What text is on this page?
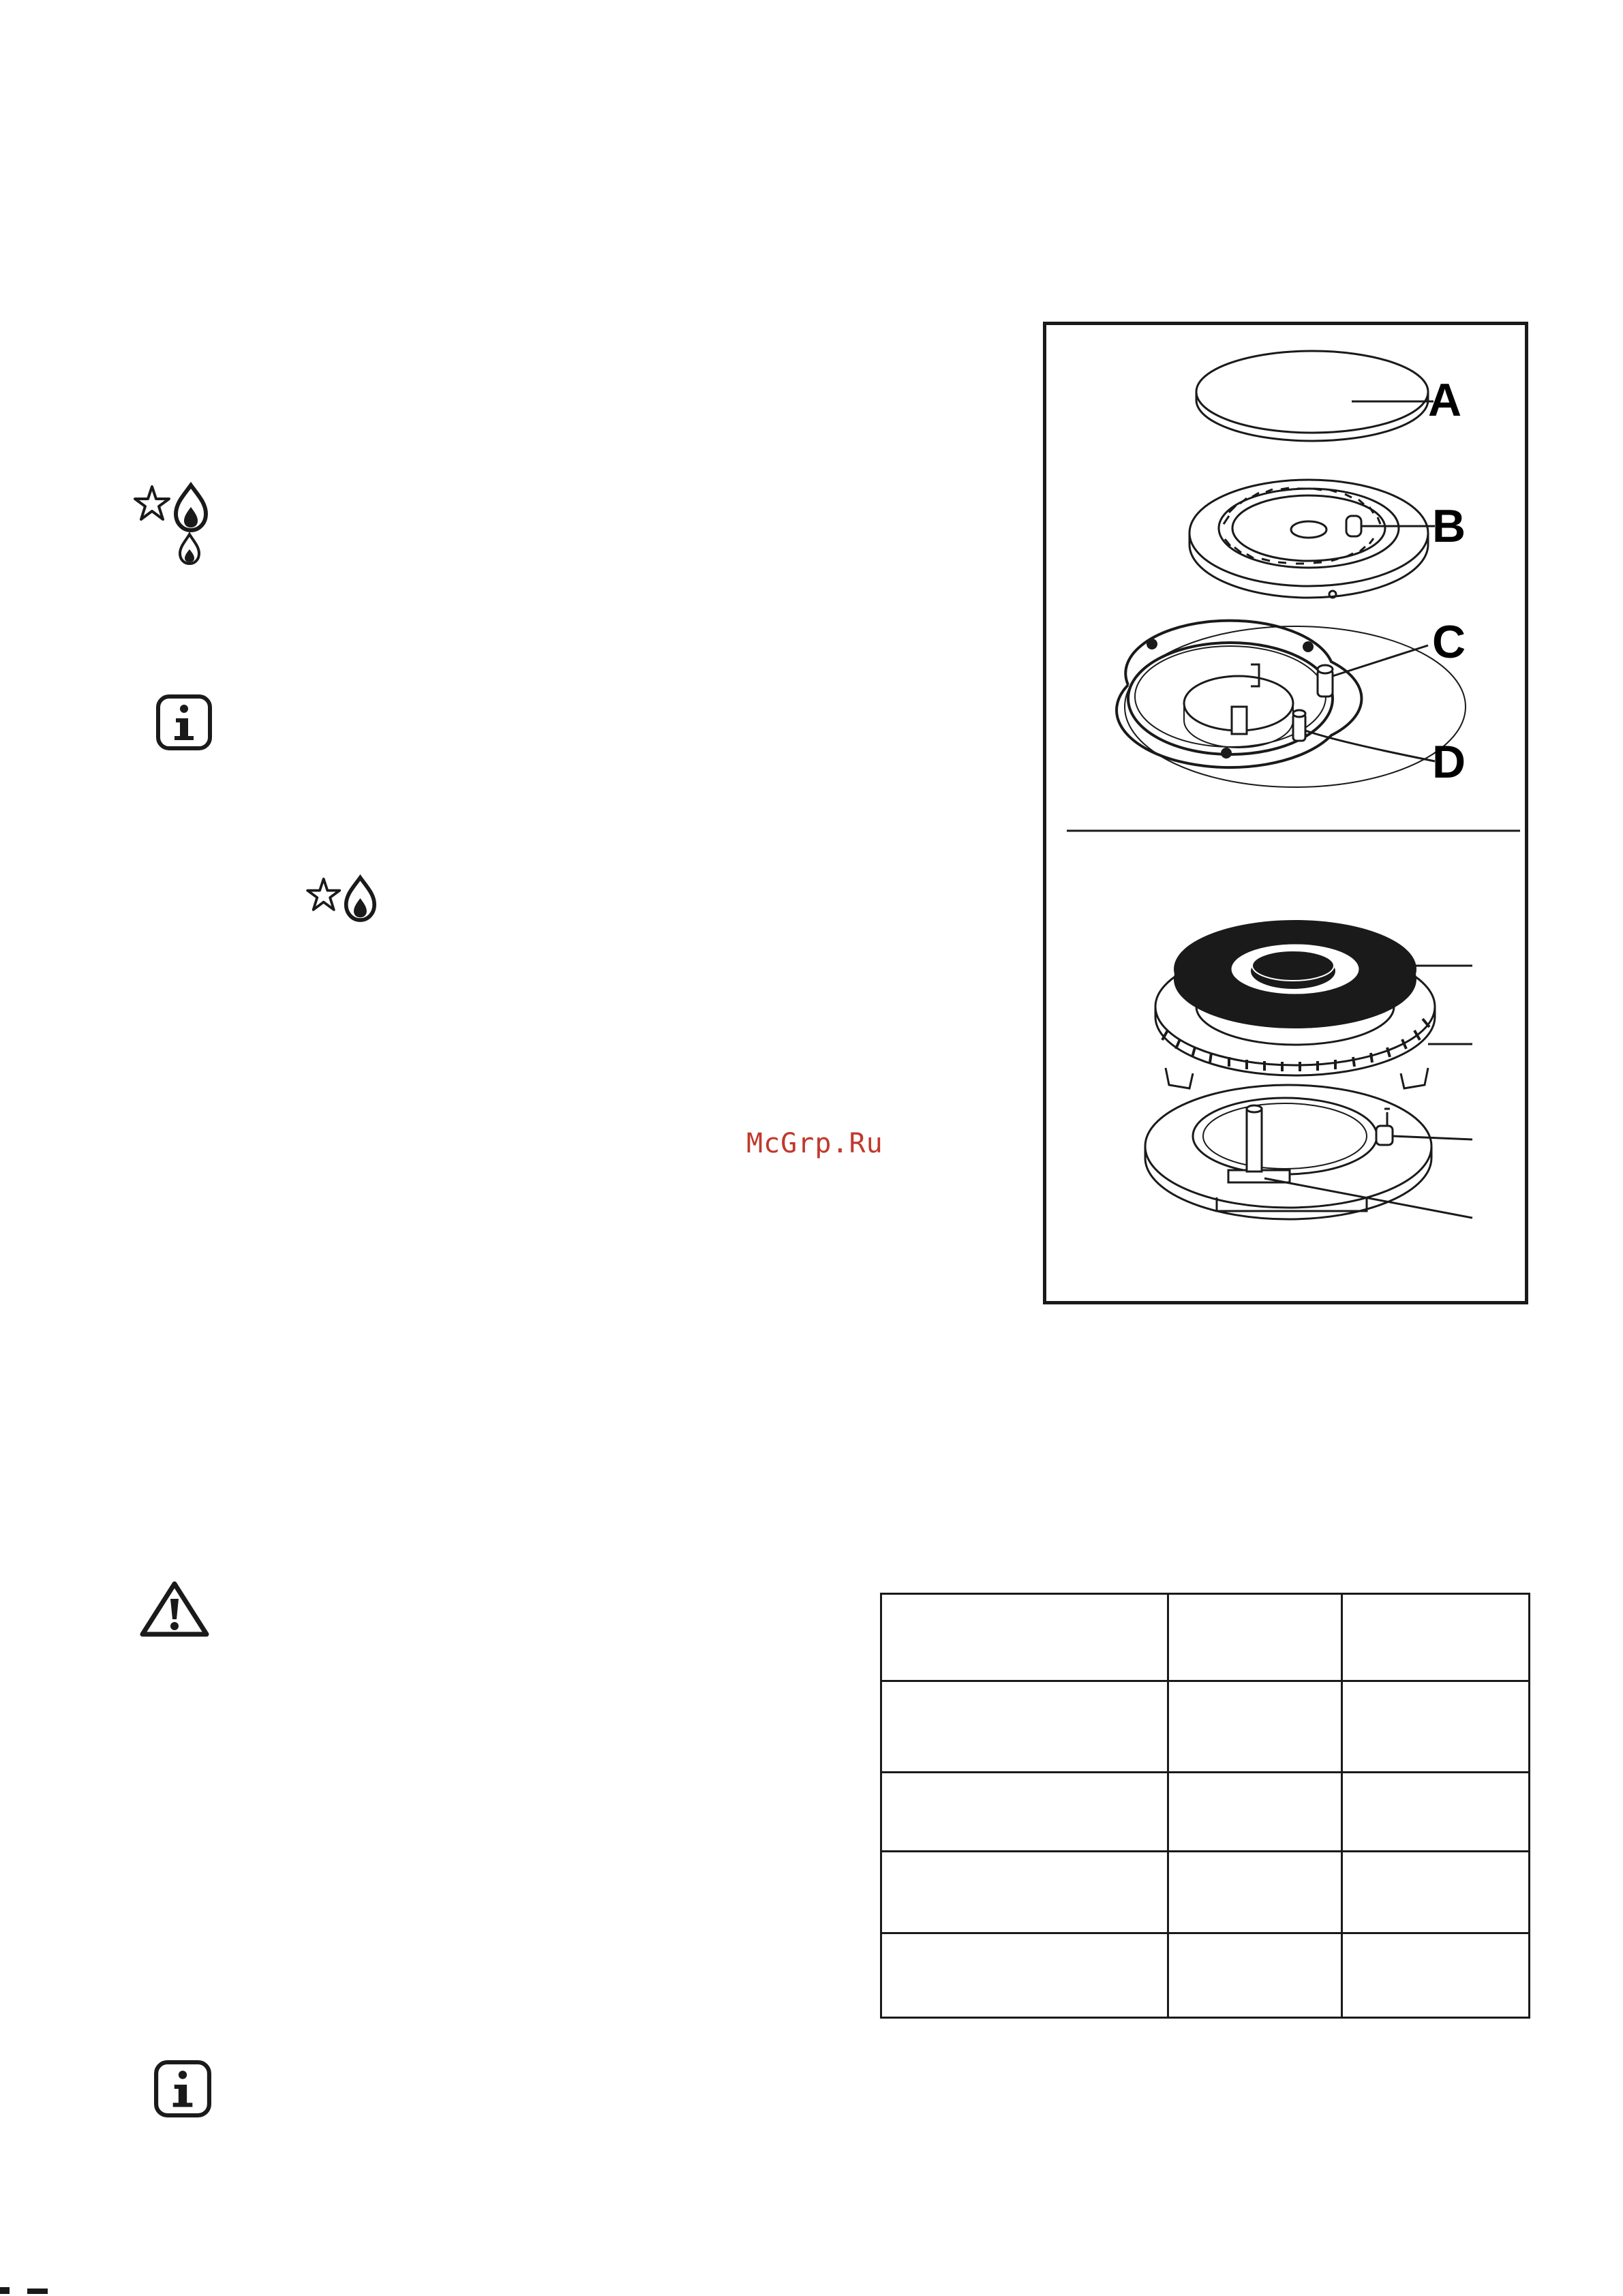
McGrp.Ru
A
B
C
D
